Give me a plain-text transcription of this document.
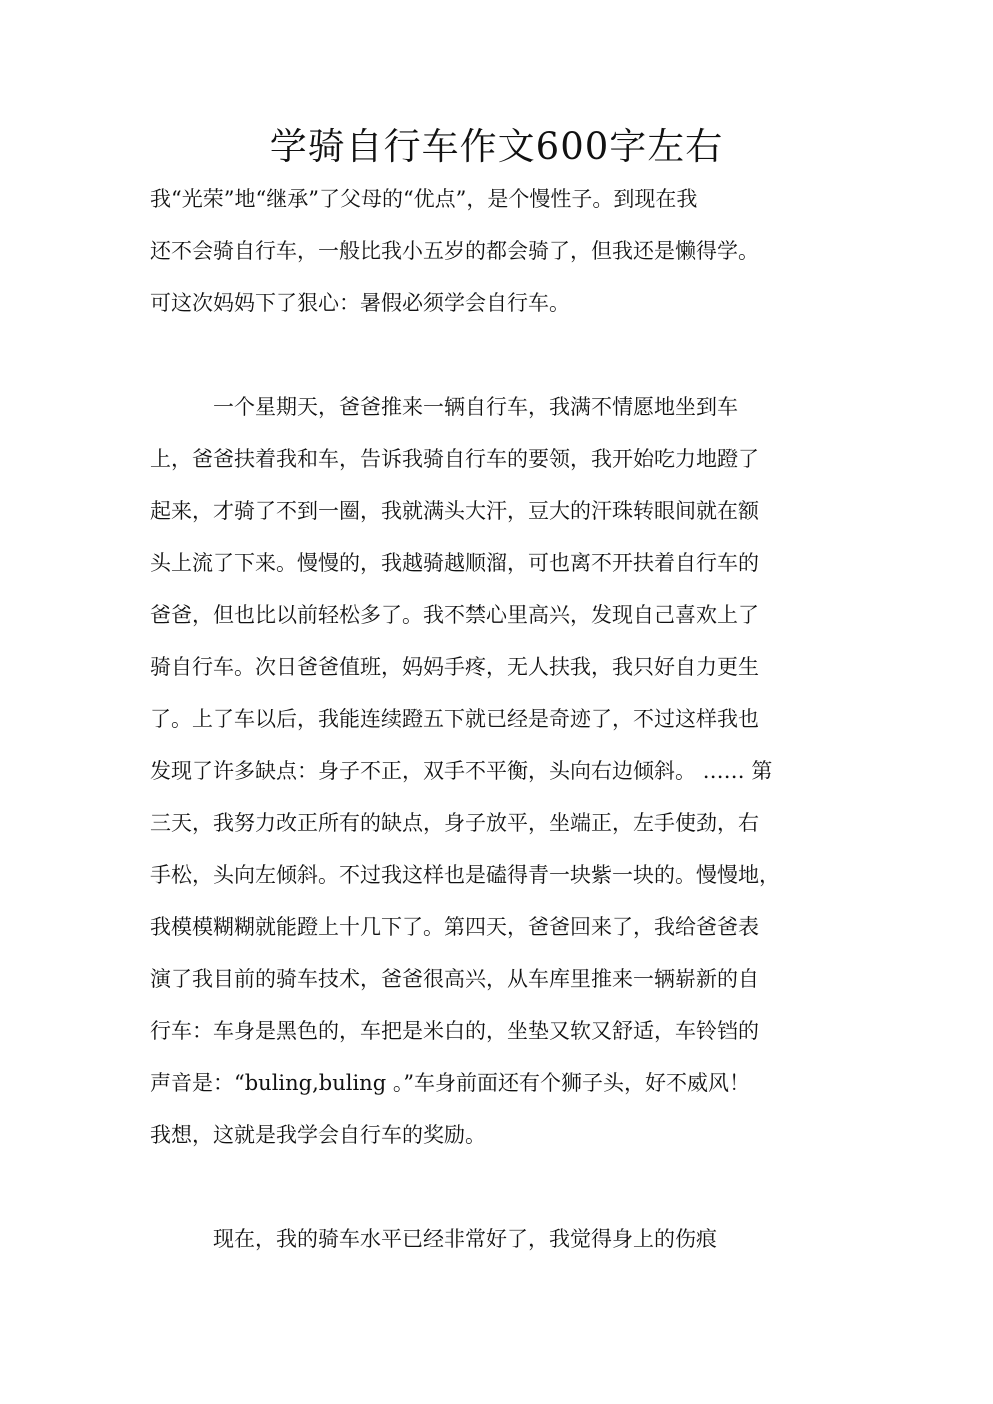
学骑自行车作文600字左右

我“光荣”地“继承”了父母的“优点”，是个慢性子。到现在我

还不会骑自行车，一般比我小五岁的都会骑了，但我还是懒得学。

可这次妈妈下了狠心：暑假必须学会自行车。

　　　一个星期天，爸爸推来一辆自行车，我满不情愿地坐到车

上，爸爸扶着我和车，告诉我骑自行车的要领，我开始吃力地蹬了

起来，才骑了不到一圈，我就满头大汗，豆大的汗珠转眼间就在额

头上流了下来。慢慢的，我越骑越顺溜，可也离不开扶着自行车的

爸爸，但也比以前轻松多了。我不禁心里高兴，发现自己喜欢上了

骑自行车。次日爸爸值班，妈妈手疼，无人扶我，我只好自力更生

了。上了车以后，我能连续蹬五下就已经是奇迹了，不过这样我也

发现了许多缺点：身子不正，双手不平衡，头向右边倾斜。 …… 第

三天，我努力改正所有的缺点，身子放平，坐端正，左手使劲，右

手松，头向左倾斜。不过我这样也是磕得青一块紫一块的。慢慢地，

我模模糊糊就能蹬上十几下了。第四天，爸爸回来了，我给爸爸表

演了我目前的骑车技术，爸爸很高兴，从车库里推来一辆崭新的自

行车：车身是黑色的，车把是米白的，坐垫又软又舒适，车铃铛的

声音是：“buling,buling 。”车身前面还有个狮子头，好不威风！

我想，这就是我学会自行车的奖励。

　　　现在，我的骑车水平已经非常好了，我觉得身上的伤痕
